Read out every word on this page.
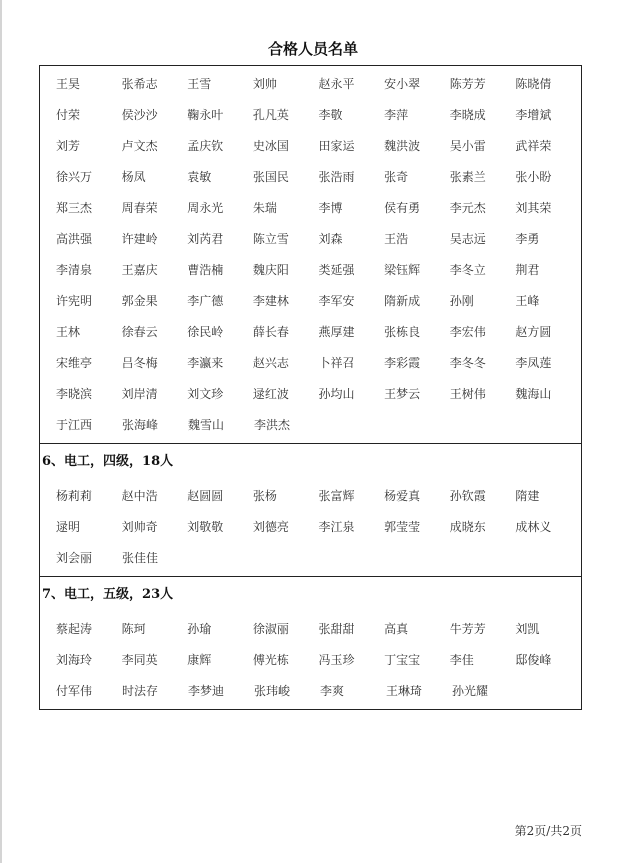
合格人员名单
王昊	张希志	王雪	刘帅	赵永平	安小翠	陈芳芳	陈晓倩
付荣	侯沙沙	鞠永叶	孔凡英	李敬	李萍	李晓成	李增斌
刘芳	卢文杰	孟庆钦	史冰国	田家运	魏洪波	吴小雷	武祥荣
徐兴万	杨凤	袁敏	张国民	张浩雨	张奇	张素兰	张小盼
郑三杰	周春荣	周永光	朱瑞	李博	侯有勇	李元杰	刘其荣
高洪强	许建岭	刘芮君	陈立雪	刘森	王浩	吴志远	李勇
李清泉	王嘉庆	曹浩楠	魏庆阳	类延强	梁钰辉	李冬立	荆君
许宪明	郭金果	李广德	李建林	李军安	隋新成	孙刚	王峰
王林	徐春云	徐民岭	薛长春	燕厚建	张栋良	李宏伟	赵方圆
宋维亭	吕冬梅	李瀛来	赵兴志	卜祥召	李彩霞	李冬冬	李凤莲
李晓滨	刘岸清	刘文珍	逯红波	孙均山	王梦云	王树伟	魏海山
于江西	张海峰	魏雪山	李洪杰
6、电工，四级，18人
杨莉莉	赵中浩	赵圆圆	张杨	张富辉	杨爱真	孙钦霞	隋建
逯明	刘帅奇	刘敬敬	刘德亮	李江泉	郭莹莹	成晓东	成林义
刘会丽	张佳佳
7、电工，五级，23人
蔡起涛	陈珂	孙瑜	徐淑丽	张甜甜	高真	牛芳芳	刘凯
刘海玲	李同英	康辉	傅光栋	冯玉珍	丁宝宝	李佳	邸俊峰
付军伟	时法存	李梦迪	张玮峻	李爽	王琳琦	孙光耀
第2页/共2页
